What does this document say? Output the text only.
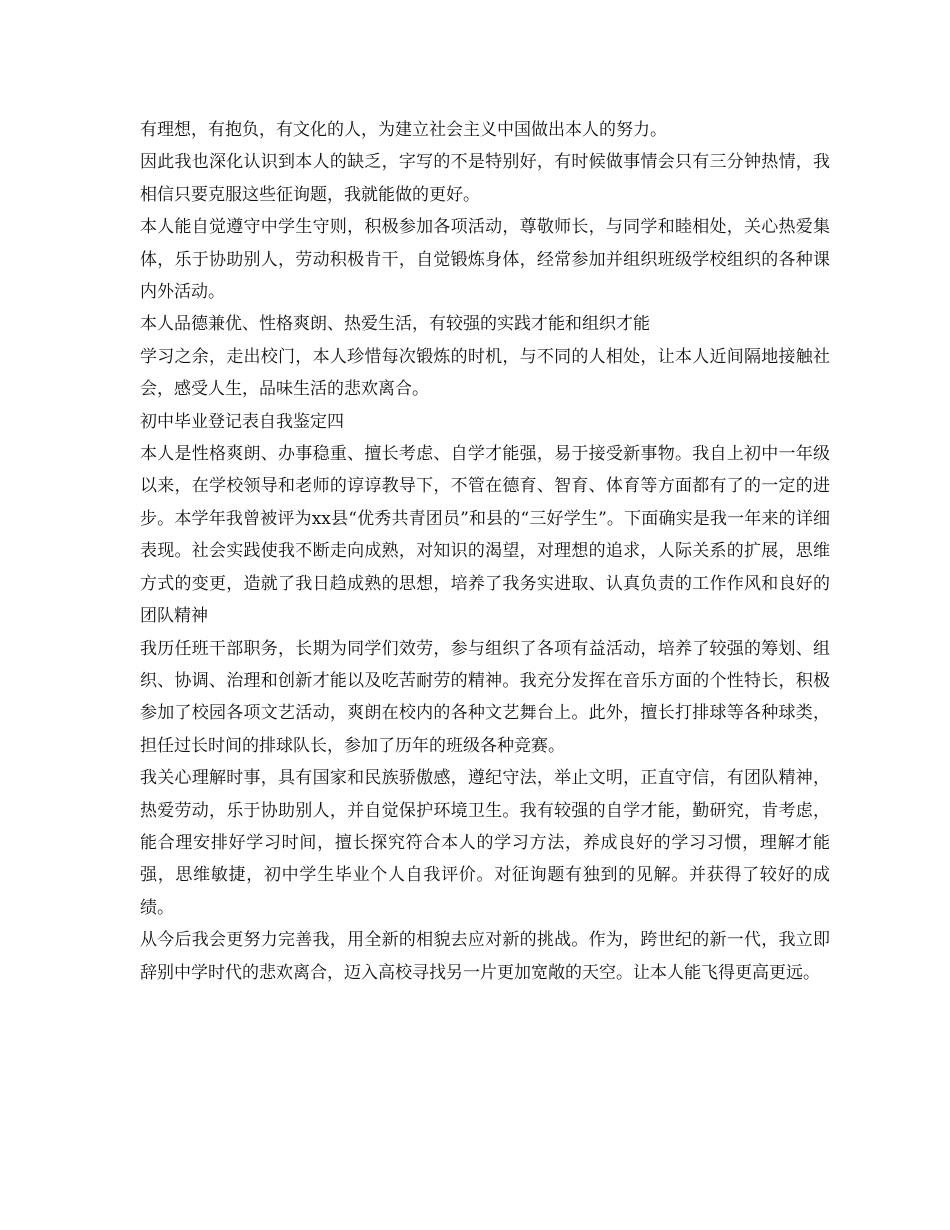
有理想，有抱负，有文化的人，为建立社会主义中国做出本人的努力。

因此我也深化认识到本人的缺乏，字写的不是特别好，有时候做事情会只有三分钟热情，我相信只要克服这些征询题，我就能做的更好。

本人能自觉遵守中学生守则，积极参加各项活动，尊敬师长，与同学和睦相处，关心热爱集体，乐于协助别人，劳动积极肯干，自觉锻炼身体，经常参加并组织班级学校组织的各种课内外活动。

本人品德兼优、性格爽朗、热爱生活，有较强的实践才能和组织才能

学习之余，走出校门，本人珍惜每次锻炼的时机，与不同的人相处，让本人近间隔地接触社会，感受人生，品味生活的悲欢离合。

初中毕业登记表自我鉴定四

本人是性格爽朗、办事稳重、擅长考虑、自学才能强，易于接受新事物。我自上初中一年级以来，在学校领导和老师的谆谆教导下，不管在德育、智育、体育等方面都有了的一定的进步。本学年我曾被评为xx县“优秀共青团员”和县的“三好学生”。下面确实是我一年来的详细表现。社会实践使我不断走向成熟，对知识的渴望，对理想的追求，人际关系的扩展，思维方式的变更，造就了我日趋成熟的思想，培养了我务实进取、认真负责的工作作风和良好的团队精神

我历任班干部职务，长期为同学们效劳，参与组织了各项有益活动，培养了较强的筹划、组织、协调、治理和创新才能以及吃苦耐劳的精神。我充分发挥在音乐方面的个性特长，积极参加了校园各项文艺活动，爽朗在校内的各种文艺舞台上。此外，擅长打排球等各种球类，担任过长时间的排球队长，参加了历年的班级各种竞赛。

我关心理解时事，具有国家和民族骄傲感，遵纪守法，举止文明，正直守信，有团队精神，热爱劳动，乐于协助别人，并自觉保护环境卫生。我有较强的自学才能，勤研究，肯考虑，能合理安排好学习时间，擅长探究符合本人的学习方法，养成良好的学习习惯，理解才能强，思维敏捷，初中学生毕业个人自我评价。对征询题有独到的见解。并获得了较好的成绩。

从今后我会更努力完善我，用全新的相貌去应对新的挑战。作为，跨世纪的新一代，我立即辞别中学时代的悲欢离合，迈入高校寻找另一片更加宽敞的天空。让本人能飞得更高更远。
